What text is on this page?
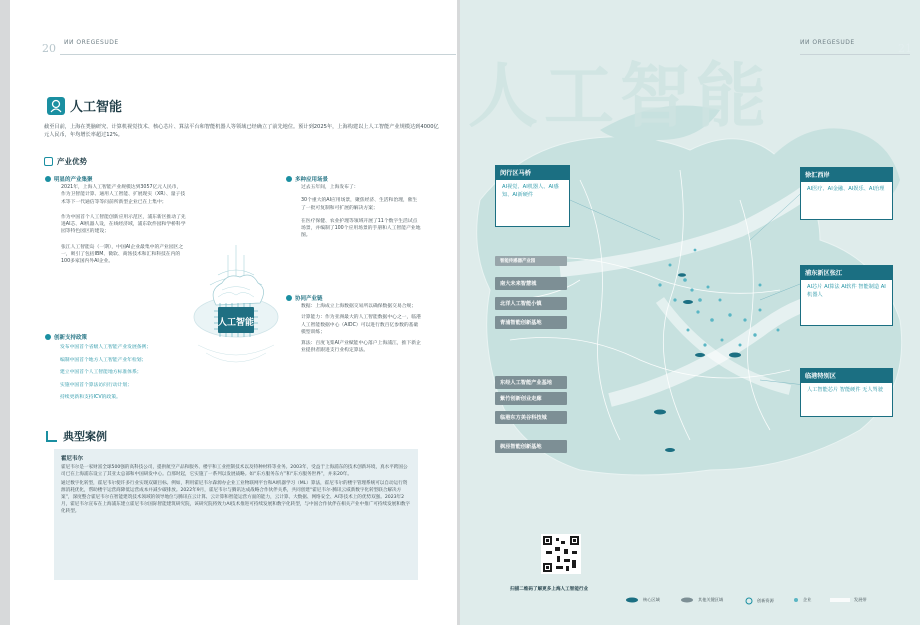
20 ИИ OREGESUDE
人工智能
截至目前，上海在类脑研究、计算机视觉技术、核心芯片、算法平台和智能机器人等领域已经确立了前先地位。预计到2025年，上海构建以上人工智能产业规模达到4000亿元人民币，年均增长率超过12%。
产业优势
明显的产业集聚

2021年，上海人工智能产业规模达到3057亿元人民币，作为卫智能计算、通用人工智能、扩展现实（XR）、量子技术等下一代通信等等问前所新型企业已在上集中；

作为中国首个人工智能创新应用示范区，浦东新区推动了先进AI芯、AI机器人设，在线经济域，浦东软件园和学桥科学园等特色园区的建设；

张江人工智能岛（一期），中国AI企业最集中的产业园区之一，吸引了包括IBM、微软、商汤技术和汇和科技在内的100多家国内外AI企业。

创新支持政策
发布中国首个省级人工智能产业发展条例；
编制中国首个地方人工智能产业年检划；
建立中国首个人工智能地方标准体系；
实施中国首个算法访问行动计划；
持续更新和支持ICV的政策。
人工智能
多种应用场景

过去五年间，上海发布了：

30个重大的AI应用场景，聚焦经济、生活和治理，催生了一批可复制和可扩展的解决方案；

在医疗保健、农业护理等领域开展了11个数字生活试点场景，并编制了100个应用场景的手册和人工智能产业地图。

协同产业链

数据：上海成立上海数据交易所以确保数据交易合规；

计算能力：作为亚洲最大的人工智能数据中心之一，临港人工智能数据中心（AIDC）可以进行数百亿参数的基础模型训练；

算法：百度飞桨AI产业赋能中心落户上海浦江，推下新企业提供者跟进支行业构定算法。

典型案例
霍尼韦尔

霍尼韦尔是一家财富全球500强的高科技公司，提供航空产品和服务、楼宇和工业控制技术以及特种材料等业务。2003年，受益于上海浦东的技术创新环境，真水平跨国公司已在上海浦东设立了其亚太总部和中国研发中心。自那时起，它实施了一系列以发展战略。如“东方服务东方”和“东方服务世界”，并来20年。

通过数字化转型，霍尼韦尔使许多行业实现双碳目标。例如，利用霍尼韦尔森源办企业工业物联网平台和AI机器学习（ML）算法，霍尼韦尔的楼宇管理系统可以自动运行资源消耗优化，帮助楼宇运营商降低运营成本并减少碳排放。2022年9月，霍尼韦尔与腾讯达成战略合作伙伴关系，共同创建“霍尼韦尔-腾讯云威新数字化转型联合解决方案”，深度整合霍尼韦尔在智能建筑技术领域的领导地位与腾讯在云计算、云计算和智能运营方面的能力，云计算、大数据、网络安全、AI等技术上的优势双强。2023年2月，霍尼韦尔宣布在上海浦东建立霍尼韦尔国际智能建筑研究院，该研究院将致力AI技术推进可持续发展和数字化转型，与中国合作伙伴在相关产业中推广可持续发展和数字化转型。

人工智能
ИИ OREGESUDE	21
闵行区马桥
AI视觉、AI机器人、AI感知、AI新硬件
徐汇西岸
AI医疗、AI金融、AI娱乐、AI治理
浦东新区张江
AI芯片 AI算法 AI软件 智能制造 AI机器人
临港特别区
人工智能芯片 智能硬件 无人驾驶
智能传感器产业园
南大未来智慧城
北洋人工智能小镇
青浦智能创新基地
东经人工智能产业基地
紫竹创新创业走廊
临港东方美谷科技城
枫泾智能创新基地
扫描二维码了解更多上海人工智能行业
核心区域	其他关键区域	创新资源	企业	发展带
